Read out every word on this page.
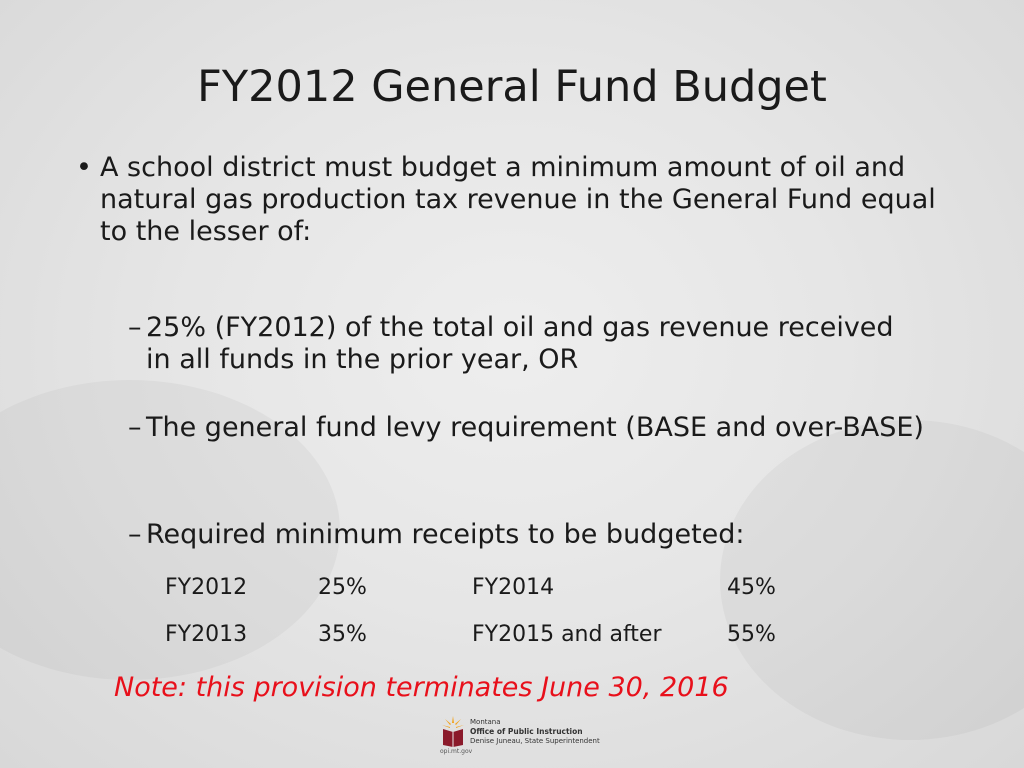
FY2012 General Fund Budget
• A school district must budget a minimum amount of oil and natural gas production tax revenue in the General Fund equal to the lesser of:
– 25% (FY2012) of the total oil and gas revenue received in all funds in the prior year, OR
– The general fund levy requirement (BASE and over-BASE)
– Required minimum receipts to be budgeted:
FY2012	25%	FY2014	45%
FY2013	35%	FY2015 and after	55%
Note: this provision terminates June 30, 2016
Montana
Office of Public Instruction
Denise Juneau, State Superintendent
opi.mt.gov
